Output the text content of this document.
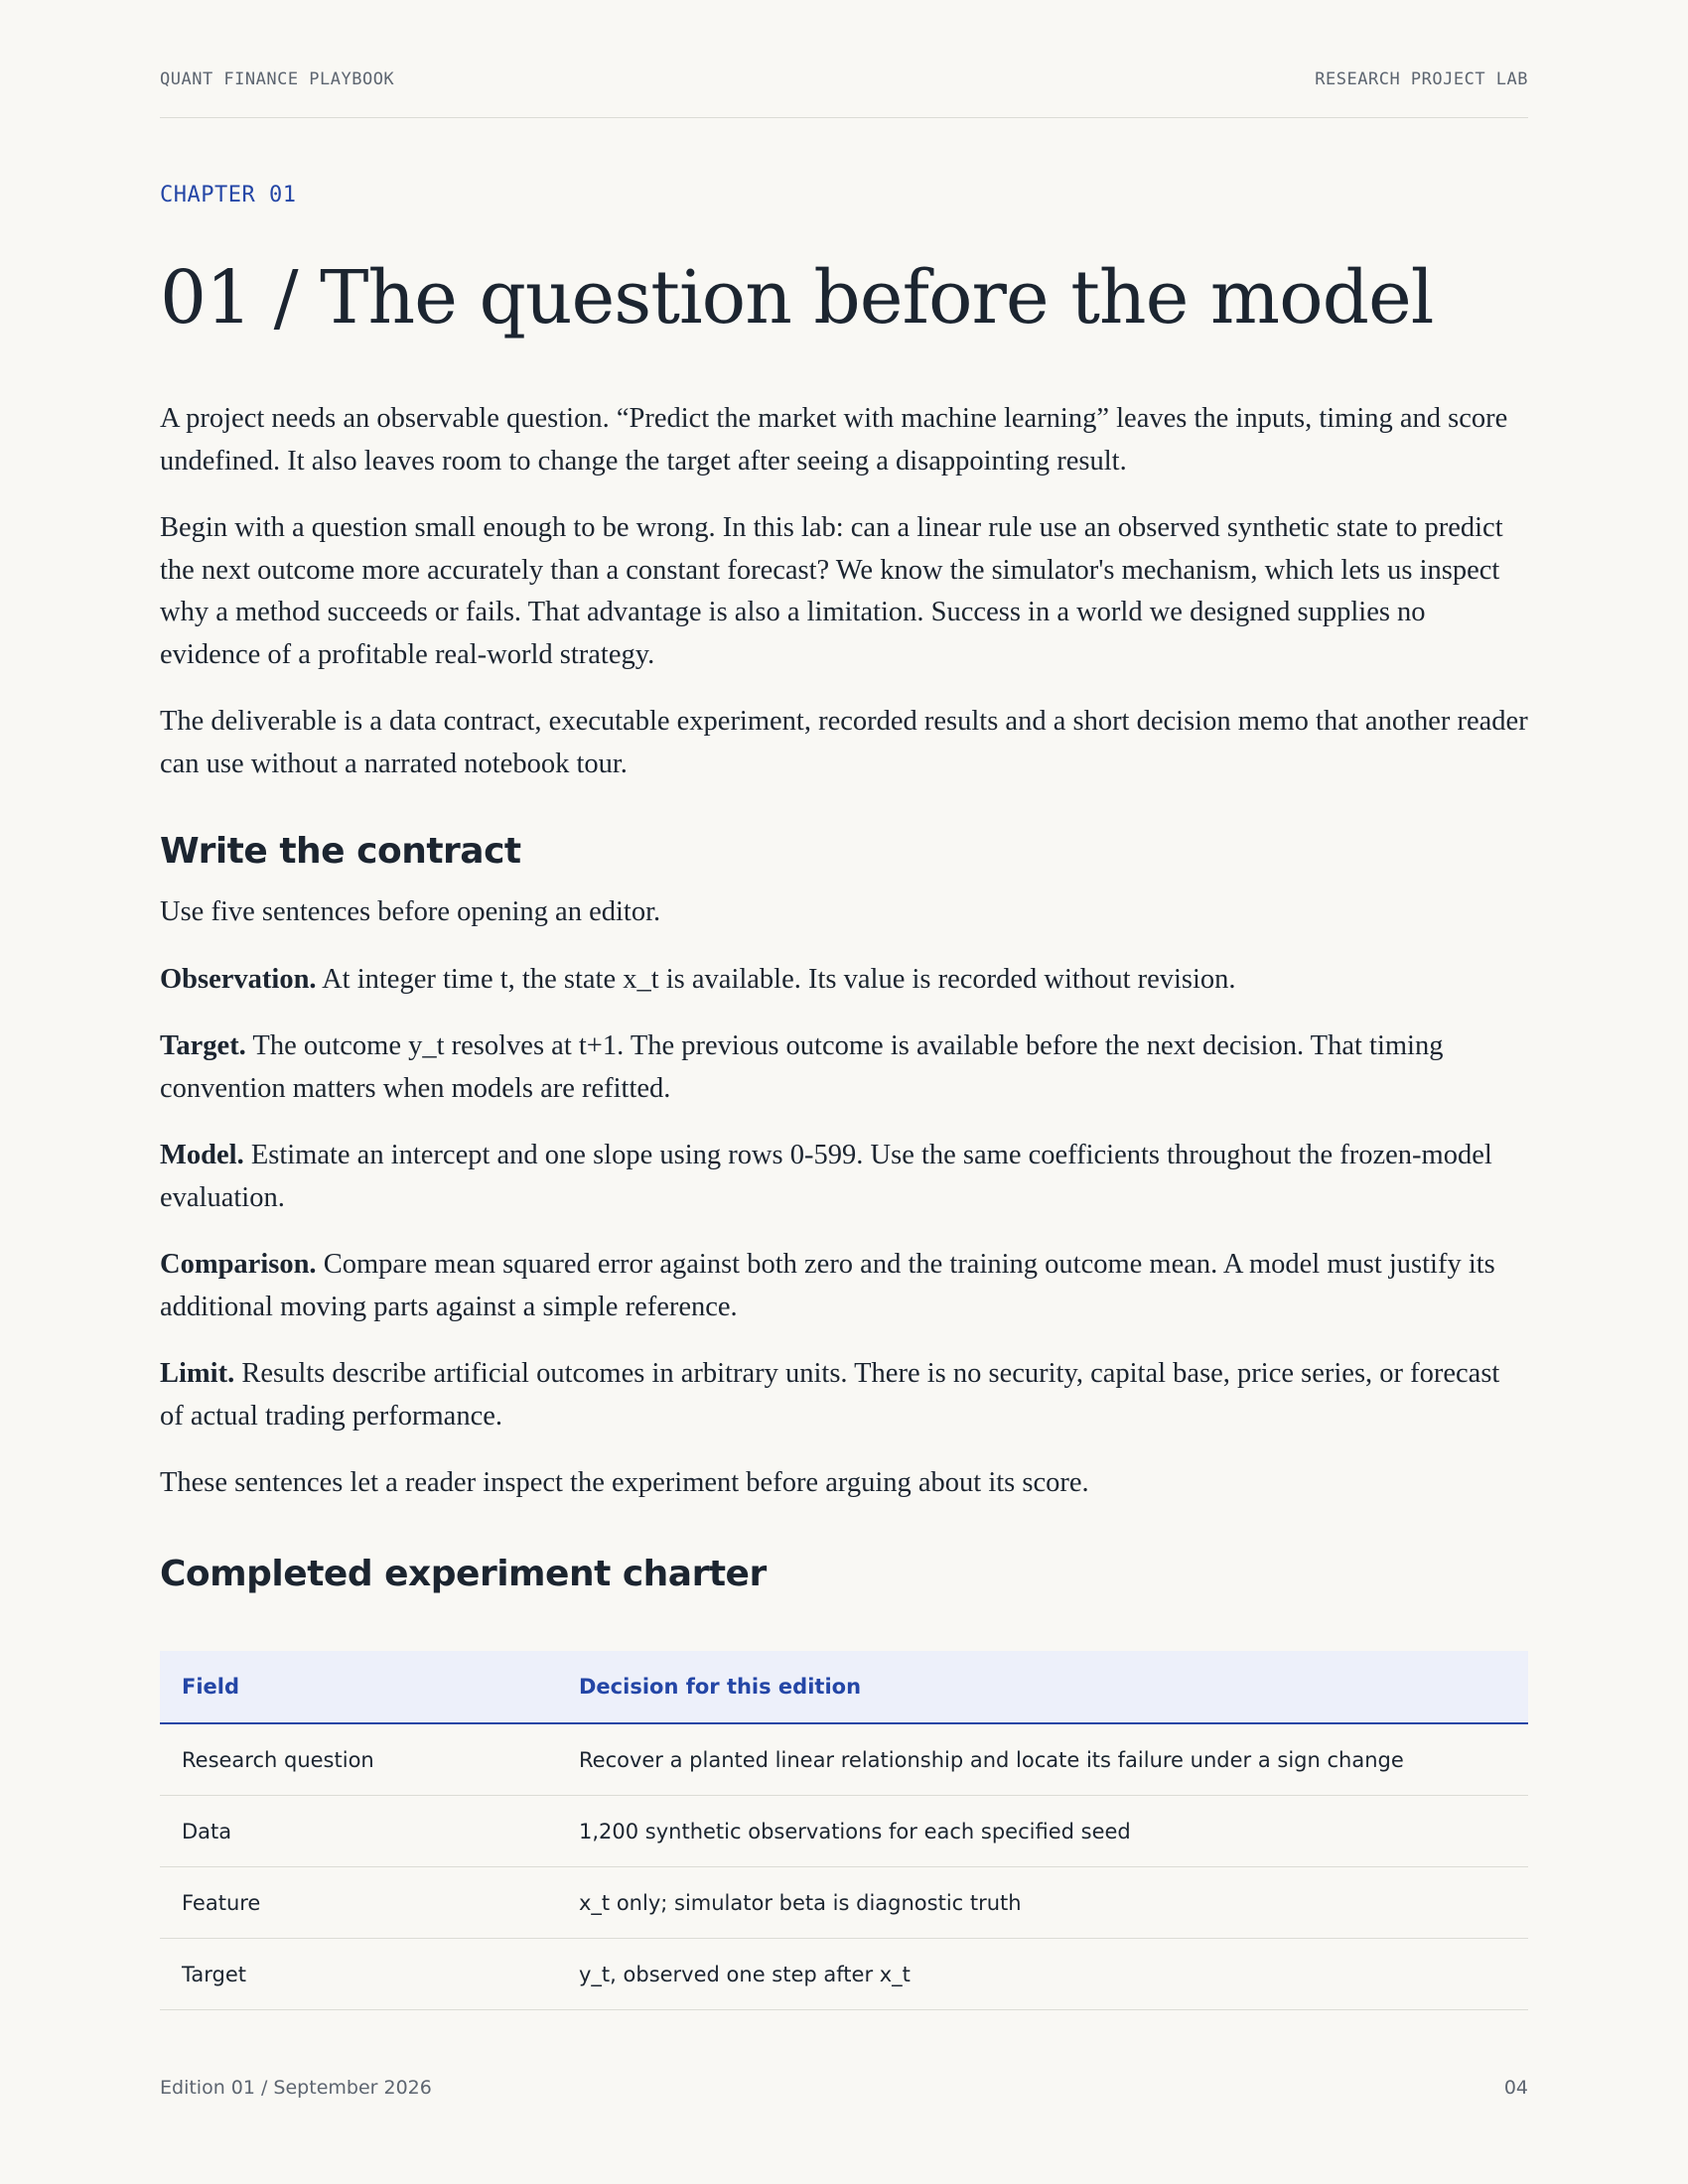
QUANT FINANCE PLAYBOOK	RESEARCH PROJECT LAB
CHAPTER 01
01 / The question before the model

A project needs an observable question. “Predict the market with machine learning” leaves the inputs, timing and score undefined. It also leaves room to change the target after seeing a disappointing result.

Begin with a question small enough to be wrong. In this lab: can a linear rule use an observed synthetic state to predict the next outcome more accurately than a constant forecast? We know the simulator's mechanism, which lets us inspect why a method succeeds or fails. That advantage is also a limitation. Success in a world we designed supplies no evidence of a profitable real-world strategy.

The deliverable is a data contract, executable experiment, recorded results and a short decision memo that another reader can use without a narrated notebook tour.

Write the contract

Use five sentences before opening an editor.

Observation. At integer time t, the state x_t is available. Its value is recorded without revision.

Target. The outcome y_t resolves at t+1. The previous outcome is available before the next decision. That timing convention matters when models are refitted.

Model. Estimate an intercept and one slope using rows 0-599. Use the same coefficients throughout the frozen-model evaluation.

Comparison. Compare mean squared error against both zero and the training outcome mean. A model must justify its additional moving parts against a simple reference.

Limit. Results describe artificial outcomes in arbitrary units. There is no security, capital base, price series, or forecast of actual trading performance.

These sentences let a reader inspect the experiment before arguing about its score.

Completed experiment charter
Field	Decision for this edition
Research question	Recover a planted linear relationship and locate its failure under a sign change
Data	1,200 synthetic observations for each specified seed
Feature	x_t only; simulator beta is diagnostic truth
Target	y_t, observed one step after x_t
Edition 01 / September 2026	04
